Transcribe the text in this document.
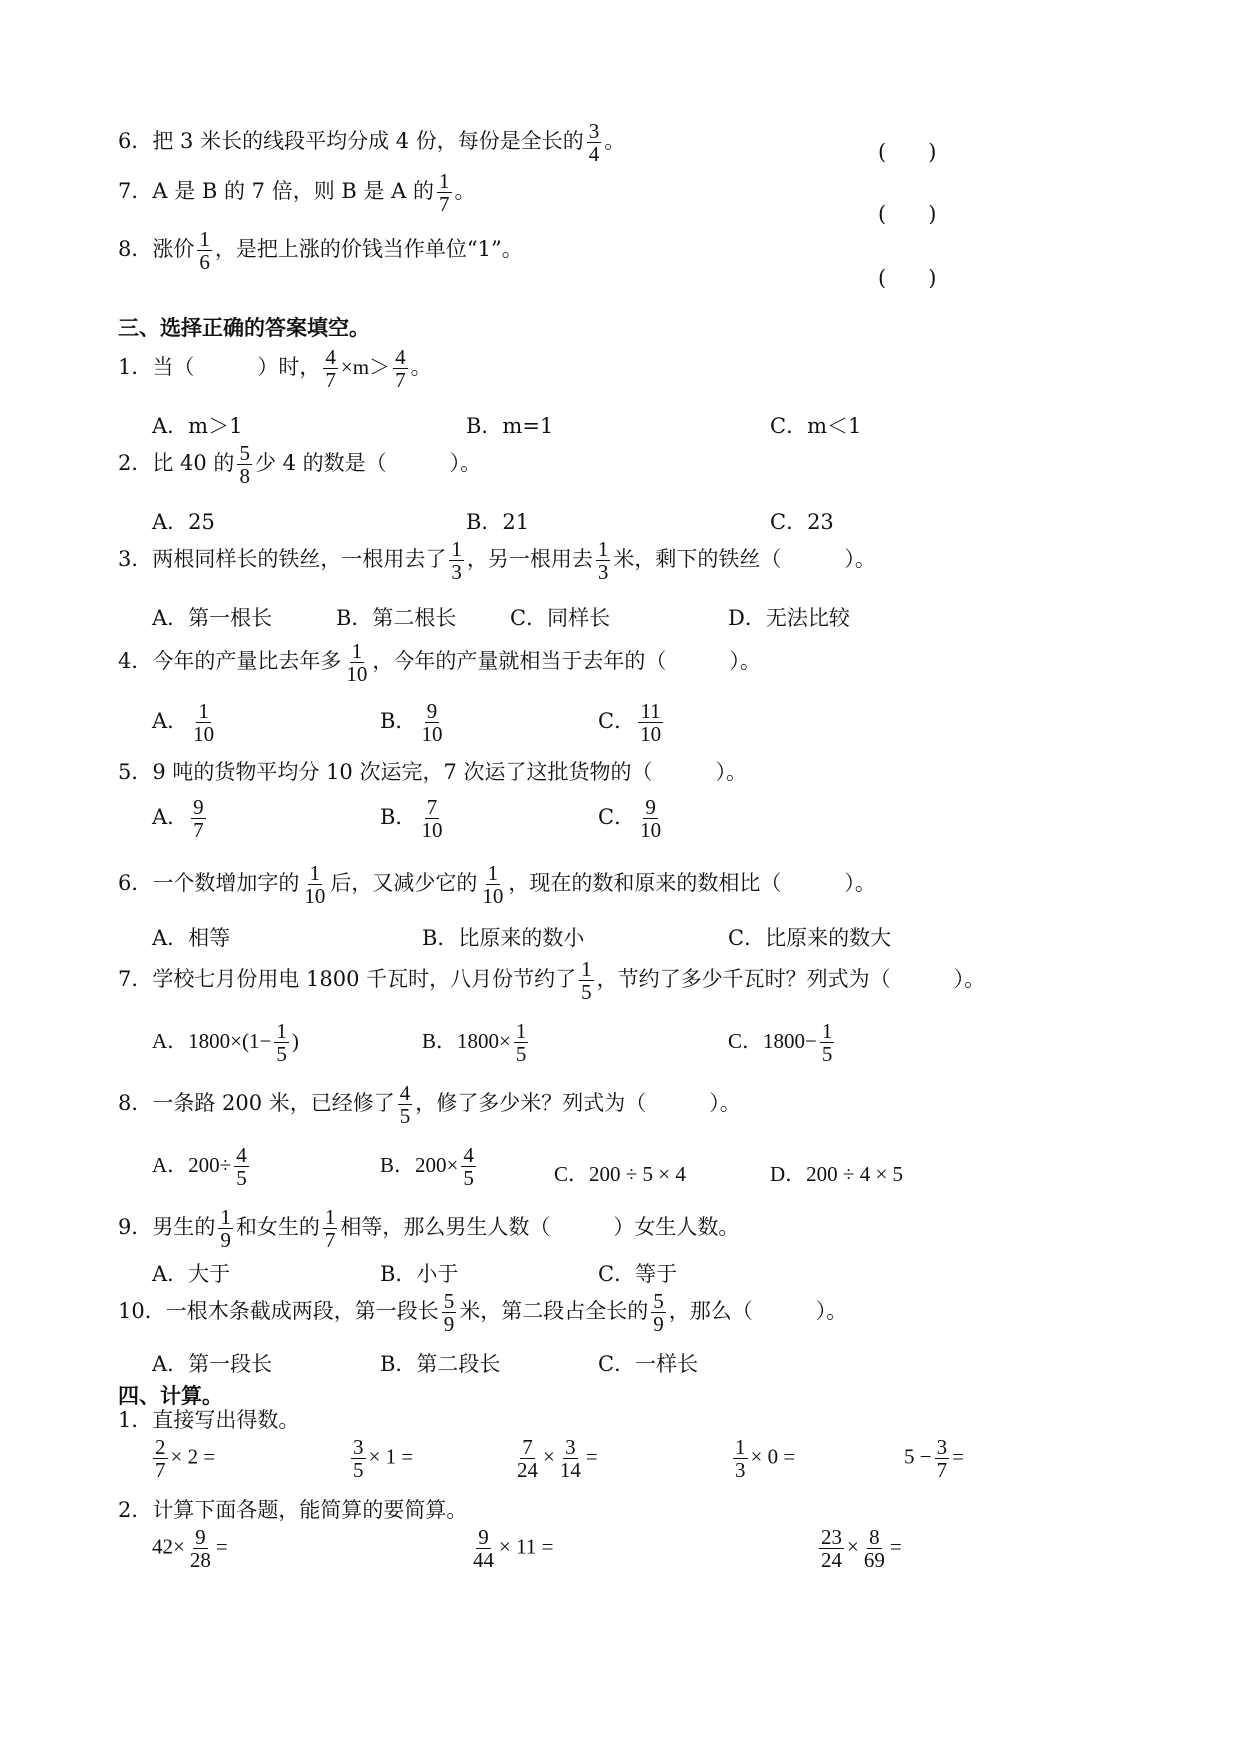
6．把 3 米长的线段平均分成 4 份，每份是全长的 $\frac{3}{4}$ 。	(　　)
7．A 是 B 的 7 倍，则 B 是 A 的 $\frac{1}{7}$ 。
(　　)
8．涨价 $\frac{1}{6}$ ，是把上涨的价钱当作单位“1”。
(　　)
三、选择正确的答案填空。
1．当（　　　）时， $\frac{4}{7} \times m> \frac{4}{7}$ 。
A．m＞1	B．m=1	C．m＜1
2．比 40 的 $\frac{5}{8}$ 少 4 的数是（　　　）。
A．25	B．21	C．23
3．两根同样长的铁丝，一根用去了 $\frac{1}{3}$ ，另一根用去 $\frac{1}{3}$ 米，剩下的铁丝（　　　）。
A．第一根长	B．第二根长	C．同样长	D．无法比较
4．今年的产量比去年多 $\frac{1}{10}$ ，今年的产量就相当于去年的（　　　）。
A． $\frac{1}{10}$	B． $\frac{9}{10}$	C． $\frac{11}{10}$
5．9 吨的货物平均分 10 次运完，7 次运了这批货物的（　　　）。
A． $\frac{9}{7}$	B． $\frac{7}{10}$	C． $\frac{9}{10}$
6．一个数增加字的 $\frac{1}{10}$ 后，又减少它的 $\frac{1}{10}$ ，现在的数和原来的数相比（　　　）。
A．相等	B．比原来的数小	C．比原来的数大
7．学校七月份用电 1800 千瓦时，八月份节约了 $\frac{1}{5}$ ，节约了多少千瓦时？列式为（　　　）。
A．$1800\times(1- \frac{1}{5}$ )	B．$1800\times \frac{1}{5}$	C．$1800- \frac{1}{5}$
8．一条路 200 米，已经修了 $\frac{4}{5}$ ，修了多少米？列式为（　　　）。
A．$200\div \frac{4}{5}$	B．$200\times \frac{4}{5}$	C．200 ÷ 5 × 4	D．200 ÷ 4 × 5
9．男生的 $\frac{1}{9}$ 和女生的 $\frac{1}{7}$ 相等，那么男生人数（　　　）女生人数。
A．大于	B．小于	C．等于
10．一根木条截成两段，第一段长 $\frac{5}{9}$ 米，第二段占全长的 $\frac{5}{9}$ ，那么（　　　）。
A．第一段长	B．第二段长	C．一样长
四、计算。
1．直接写出得数。
$\frac{2}{7} \times 2$ =	$\frac{3}{5} \times 1$ =	$\frac{7}{24} \times \frac{3}{14}$ =	$\frac{1}{3} \times 0$ =	$5 - \frac{3}{7}$ =
2．计算下面各题，能简算的要简算。
$42\times \frac{9}{28}$ =	$\frac{9}{44} \times 11$ =	$\frac{23}{24} \times \frac{8}{69}$ =
